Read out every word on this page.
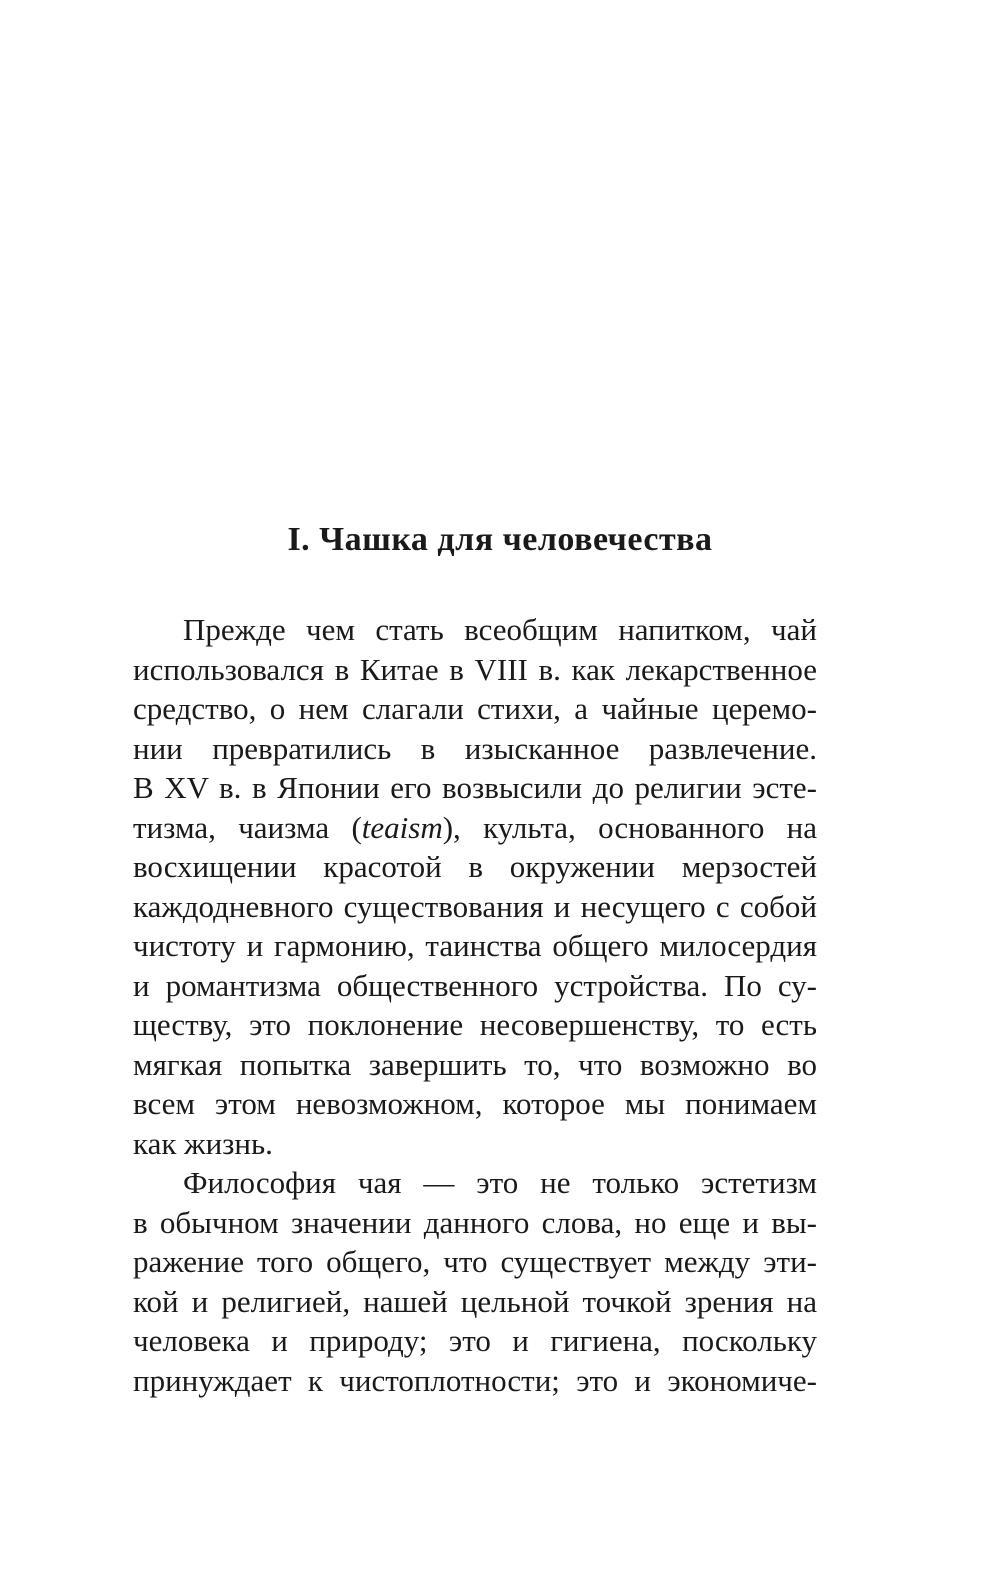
I. Чашка для человечества
Прежде чем стать всеобщим напитком, чай
использовался в Китае в VIII в. как лекарственное
средство, о нем слагали стихи, а чайные церемо-
нии превратились в изысканное развлечение.
В XV в. в Японии его возвысили до религии эсте-
тизма, чаизма (teaism), культа, основанного на
восхищении красотой в окружении мерзостей
каждодневного существования и несущего с собой
чистоту и гармонию, таинства общего милосердия
и романтизма общественного устройства. По су-
ществу, это поклонение несовершенству, то есть
мягкая попытка завершить то, что возможно во
всем этом невозможном, которое мы понимаем
как жизнь.
Философия чая — это не только эстетизм
в обычном значении данного слова, но еще и вы-
ражение того общего, что существует между эти-
кой и религией, нашей цельной точкой зрения на
человека и природу; это и гигиена, поскольку
принуждает к чистоплотности; это и экономиче-
